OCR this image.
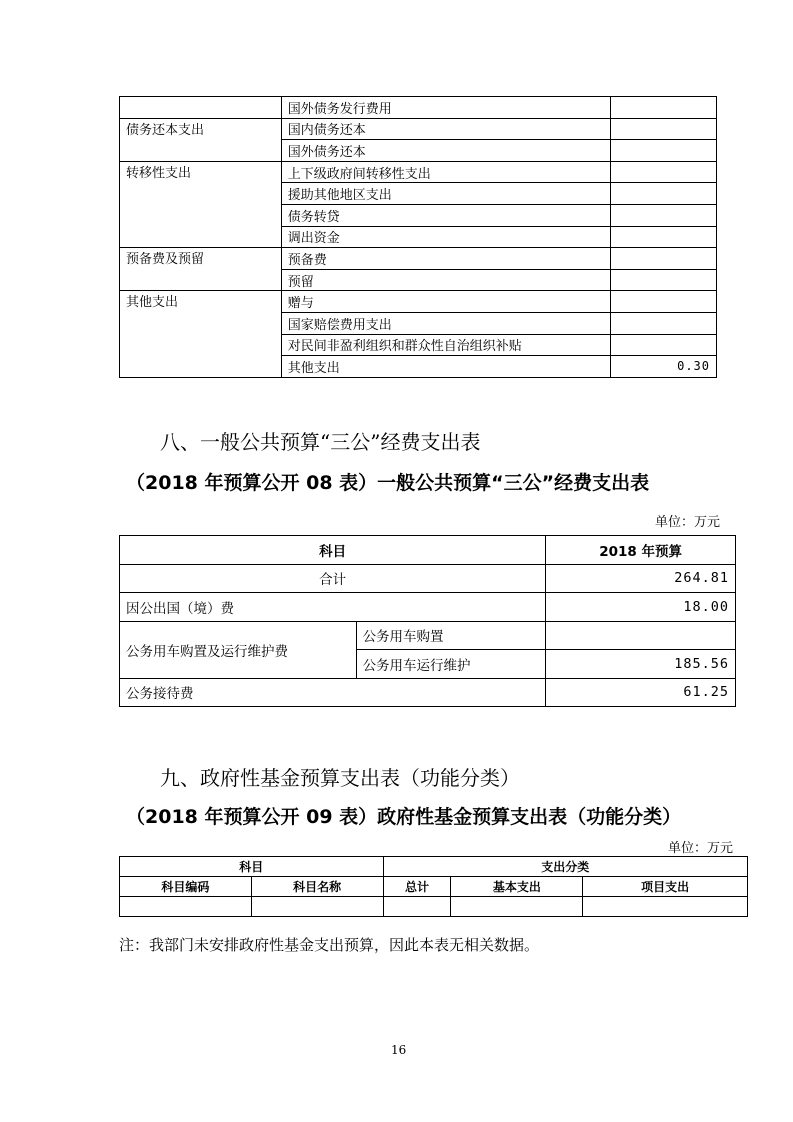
	国外债务发行费用	
债务还本支出	国内债务还本	
	国外债务还本	
转移性支出	上下级政府间转移性支出	
	援助其他地区支出	
	债务转贷	
	调出资金	
预备费及预留	预备费	
	预留	
其他支出	赠与	
	国家赔偿费用支出	
	对民间非盈利组织和群众性自治组织补贴	
	其他支出	0.30
八、一般公共预算“三公”经费支出表
（2018 年预算公开 08 表）一般公共预算“三公”经费支出表
单位：万元
科目		2018 年预算
合计		264.81
因公出国（境）费		18.00
公务用车购置及运行维护费	公务用车购置	
	公务用车运行维护	185.56
公务接待费		61.25
九、政府性基金预算支出表（功能分类）
（2018 年预算公开 09 表）政府性基金预算支出表（功能分类）
单位：万元
科目		支出分类		
科目编码	科目名称	总计	基本支出	项目支出

注：我部门未安排政府性基金支出预算，因此本表无相关数据。
16
